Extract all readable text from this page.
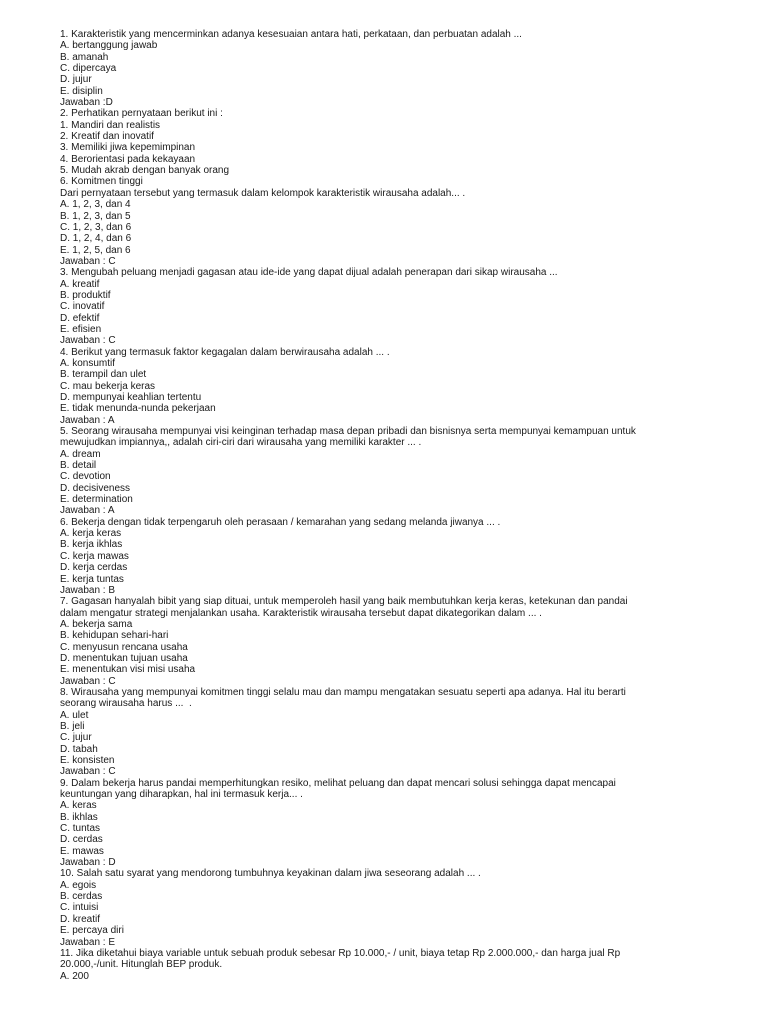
1. Karakteristik yang mencerminkan adanya kesesuaian antara hati, perkataan, dan perbuatan adalah ...
A. bertanggung jawab
B. amanah
C. dipercaya
D. jujur
E. disiplin
Jawaban :D
2. Perhatikan pernyataan berikut ini :
1. Mandiri dan realistis
2. Kreatif dan inovatif
3. Memiliki jiwa kepemimpinan
4. Berorientasi pada kekayaan
5. Mudah akrab dengan banyak orang
6. Komitmen tinggi
Dari pernyataan tersebut yang termasuk dalam kelompok karakteristik wirausaha adalah... .
A. 1, 2, 3, dan 4
B. 1, 2, 3, dan 5
C. 1, 2, 3, dan 6
D. 1, 2, 4, dan 6
E. 1, 2, 5, dan 6
Jawaban : C
3. Mengubah peluang menjadi gagasan atau ide-ide yang dapat dijual adalah penerapan dari sikap wirausaha ...
A. kreatif
B. produktif
C. inovatif
D. efektif
E. efisien
Jawaban : C
4. Berikut yang termasuk faktor kegagalan dalam berwirausaha adalah ... .
A. konsumtif
B. terampil dan ulet
C. mau bekerja keras
D. mempunyai keahlian tertentu
E. tidak menunda-nunda pekerjaan
Jawaban : A
5. Seorang wirausaha mempunyai visi keinginan terhadap masa depan pribadi dan bisnisnya serta mempunyai kemampuan untuk
mewujudkan impiannya,, adalah ciri-ciri dari wirausaha yang memiliki karakter ... .
A. dream
B. detail
C. devotion
D. decisiveness
E. determination
Jawaban : A
6. Bekerja dengan tidak terpengaruh oleh perasaan / kemarahan yang sedang melanda jiwanya ... .
A. kerja keras
B. kerja ikhlas
C. kerja mawas
D. kerja cerdas
E. kerja tuntas
Jawaban : B
7. Gagasan hanyalah bibit yang siap dituai, untuk memperoleh hasil yang baik membutuhkan kerja keras, ketekunan dan pandai
dalam mengatur strategi menjalankan usaha. Karakteristik wirausaha tersebut dapat dikategorikan dalam ... .
A. bekerja sama
B. kehidupan sehari-hari
C. menyusun rencana usaha
D. menentukan tujuan usaha
E. menentukan visi misi usaha
Jawaban : C
8. Wirausaha yang mempunyai komitmen tinggi selalu mau dan mampu mengatakan sesuatu seperti apa adanya. Hal itu berarti
seorang wirausaha harus ...  .
A. ulet
B. jeli
C. jujur
D. tabah
E. konsisten
Jawaban : C
9. Dalam bekerja harus pandai memperhitungkan resiko, melihat peluang dan dapat mencari solusi sehingga dapat mencapai
keuntungan yang diharapkan, hal ini termasuk kerja... .
A. keras
B. ikhlas
C. tuntas
D. cerdas
E. mawas
Jawaban : D
10. Salah satu syarat yang mendorong tumbuhnya keyakinan dalam jiwa seseorang adalah ... .
A. egois
B. cerdas
C. intuisi
D. kreatif
E. percaya diri
Jawaban : E
11. Jika diketahui biaya variable untuk sebuah produk sebesar Rp 10.000,- / unit, biaya tetap Rp 2.000.000,- dan harga jual Rp
20.000,-/unit. Hitunglah BEP produk.
A. 200
